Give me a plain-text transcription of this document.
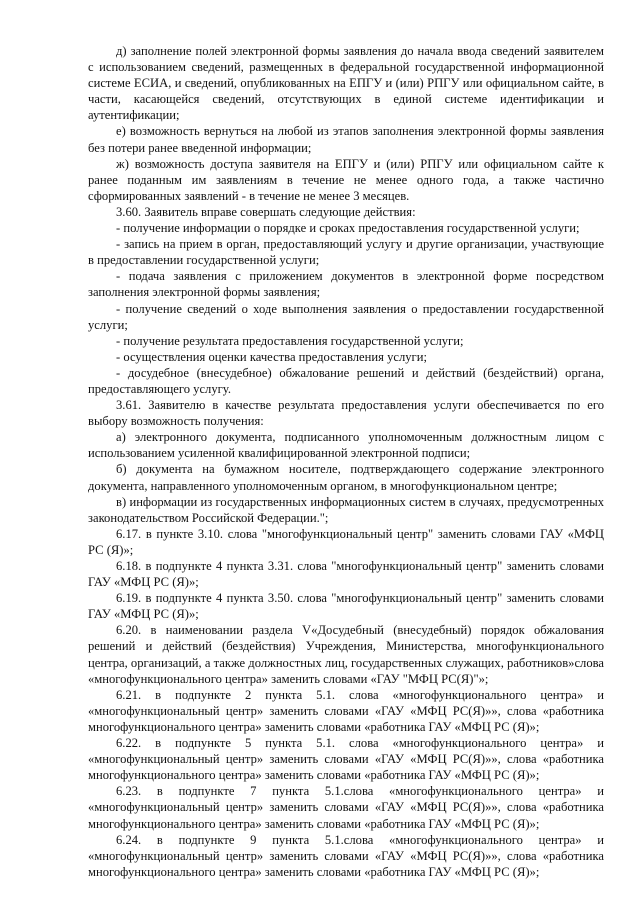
д) заполнение полей электронной формы заявления до начала ввода сведений заявителем с использованием сведений, размещенных в федеральной государственной информационной системе ЕСИА, и сведений, опубликованных на ЕПГУ и (или) РПГУ или официальном сайте, в части, касающейся сведений, отсутствующих в единой системе идентификации и аутентификации;

е) возможность вернуться на любой из этапов заполнения электронной формы заявления без потери ранее введенной информации;

ж) возможность доступа заявителя на ЕПГУ и (или) РПГУ или официальном сайте к ранее поданным им заявлениям в течение не менее одного года, а также частично сформированных заявлений - в течение не менее 3 месяцев.

3.60. Заявитель вправе совершать следующие действия:

- получение информации о порядке и сроках предоставления государственной услуги;

- запись на прием в орган, предоставляющий услугу и другие организации, участвующие в предоставлении государственной услуги;

- подача заявления с приложением документов в электронной форме посредством заполнения электронной формы заявления;

- получение сведений о ходе выполнения заявления о предоставлении государственной услуги;

- получение результата предоставления государственной услуги;

- осуществления оценки качества предоставления услуги;

- досудебное (внесудебное) обжалование решений и действий (бездействий) органа, предоставляющего услугу.

3.61. Заявителю в качестве результата предоставления услуги обеспечивается по его выбору возможность получения:

а) электронного документа, подписанного уполномоченным должностным лицом с использованием усиленной квалифицированной электронной подписи;

б) документа на бумажном носителе, подтверждающего содержание электронного документа, направленного уполномоченным органом, в многофункциональном центре;

в) информации из государственных информационных систем в случаях, предусмотренных законодательством Российской Федерации.";

6.17. в пункте 3.10. слова "многофункциональный центр" заменить словами ГАУ «МФЦ РС (Я)»;

6.18. в подпункте 4 пункта 3.31. слова "многофункциональный центр" заменить словами ГАУ «МФЦ РС (Я)»;

6.19. в подпункте 4 пункта 3.50. слова "многофункциональный центр" заменить словами ГАУ «МФЦ РС (Я)»;

6.20. в наименовании раздела V«Досудебный (внесудебный) порядок обжалования решений и действий (бездействия) Учреждения, Министерства, многофункционального центра, организаций, а также должностных лиц, государственных служащих, работников»слова «многофункционального центра» заменить словами «ГАУ "МФЦ РС(Я)"»;

6.21. в подпункте 2 пункта 5.1. слова «многофункционального центра» и «многофункциональный центр» заменить словами «ГАУ «МФЦ РС(Я)»», слова «работника многофункционального центра» заменить словами «работника ГАУ «МФЦ РС (Я)»;

6.22. в подпункте 5 пункта 5.1. слова «многофункционального центра» и «многофункциональный центр» заменить словами «ГАУ «МФЦ РС(Я)»», слова «работника многофункционального центра» заменить словами «работника ГАУ «МФЦ РС (Я)»;

6.23. в подпункте 7 пункта 5.1.слова «многофункционального центра» и «многофункциональный центр» заменить словами «ГАУ «МФЦ РС(Я)»», слова «работника многофункционального центра» заменить словами «работника ГАУ «МФЦ РС (Я)»;

6.24. в подпункте 9 пункта 5.1.слова «многофункционального центра» и «многофункциональный центр» заменить словами «ГАУ «МФЦ РС(Я)»», слова «работника многофункционального центра» заменить словами «работника ГАУ «МФЦ РС (Я)»;
